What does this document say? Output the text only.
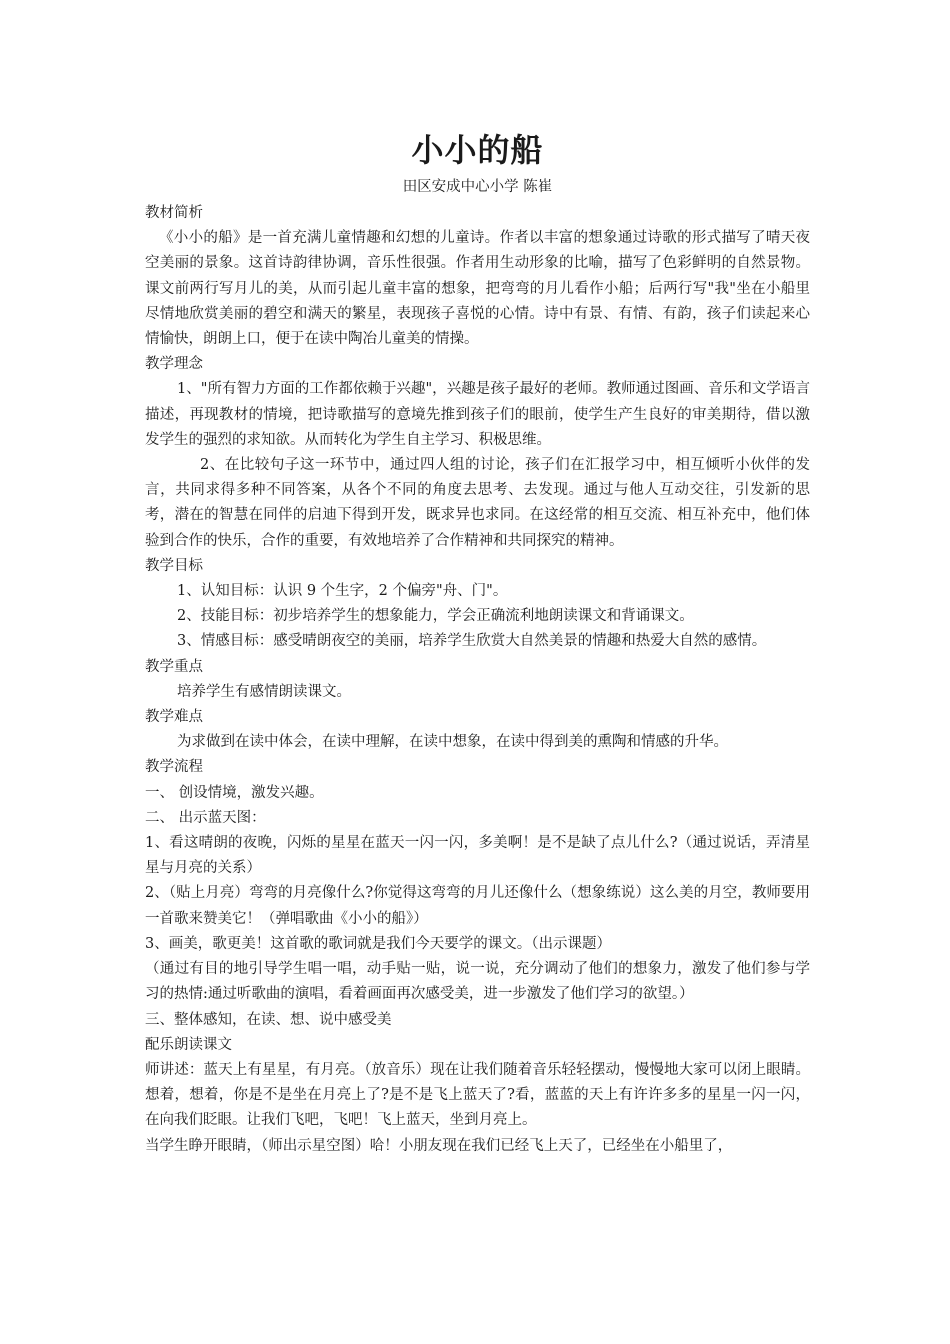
小小的船
田区安成中心小学 陈崔

教材简析

《小小的船》是一首充满儿童情趣和幻想的儿童诗。作者以丰富的想象通过诗歌的形式描写了晴天夜空美丽的景象。这首诗韵律协调，音乐性很强。作者用生动形象的比喻，描写了色彩鲜明的自然景物。课文前两行写月儿的美，从而引起儿童丰富的想象，把弯弯的月儿看作小船；后两行写"我"坐在小船里尽情地欣赏美丽的碧空和满天的繁星，表现孩子喜悦的心情。诗中有景、有情、有韵，孩子们读起来心情愉快，朗朗上口，便于在读中陶冶儿童美的情操。

教学理念

1、"所有智力方面的工作都依赖于兴趣"，兴趣是孩子最好的老师。教师通过图画、音乐和文学语言描述，再现教材的情境，把诗歌描写的意境先推到孩子们的眼前，使学生产生良好的审美期待，借以激发学生的强烈的求知欲。从而转化为学生自主学习、积极思维。

2、在比较句子这一环节中，通过四人组的讨论，孩子们在汇报学习中，相互倾听小伙伴的发言，共同求得多种不同答案，从各个不同的角度去思考、去发现。通过与他人互动交往，引发新的思考，潜在的智慧在同伴的启迪下得到开发，既求异也求同。在这经常的相互交流、相互补充中，他们体验到合作的快乐，合作的重要，有效地培养了合作精神和共同探究的精神。

教学目标

1、认知目标：认识 9 个生字，2 个偏旁"舟、门"。

2、技能目标：初步培养学生的想象能力，学会正确流利地朗读课文和背诵课文。

3、情感目标：感受晴朗夜空的美丽，培养学生欣赏大自然美景的情趣和热爱大自然的感情。

教学重点

培养学生有感情朗读课文。

教学难点

为求做到在读中体会，在读中理解，在读中想象，在读中得到美的熏陶和情感的升华。

教学流程

一、 创设情境，激发兴趣。

二、 出示蓝天图：

1、看这晴朗的夜晚，闪烁的星星在蓝天一闪一闪，多美啊！是不是缺了点儿什么?（通过说话，弄清星星与月亮的关系）

2、（贴上月亮）弯弯的月亮像什么?你觉得这弯弯的月儿还像什么（想象练说）这么美的月空，教师要用一首歌来赞美它！（弹唱歌曲《小小的船》）

3、画美，歌更美！这首歌的歌词就是我们今天要学的课文。（出示课题）

（通过有目的地引导学生唱一唱，动手贴一贴，说一说，充分调动了他们的想象力，激发了他们参与学习的热情:通过听歌曲的演唱，看着画面再次感受美，进一步激发了他们学习的欲望。）

三、整体感知，在读、想、说中感受美

配乐朗读课文

师讲述：蓝天上有星星，有月亮。（放音乐）现在让我们随着音乐轻轻摆动，慢慢地大家可以闭上眼睛。想着，想着，你是不是坐在月亮上了?是不是飞上蓝天了?看，蓝蓝的天上有许许多多的星星一闪一闪，在向我们眨眼。让我们飞吧，飞吧！飞上蓝天，坐到月亮上。

当学生睁开眼睛，（师出示星空图）哈！小朋友现在我们已经飞上天了，已经坐在小船里了，
